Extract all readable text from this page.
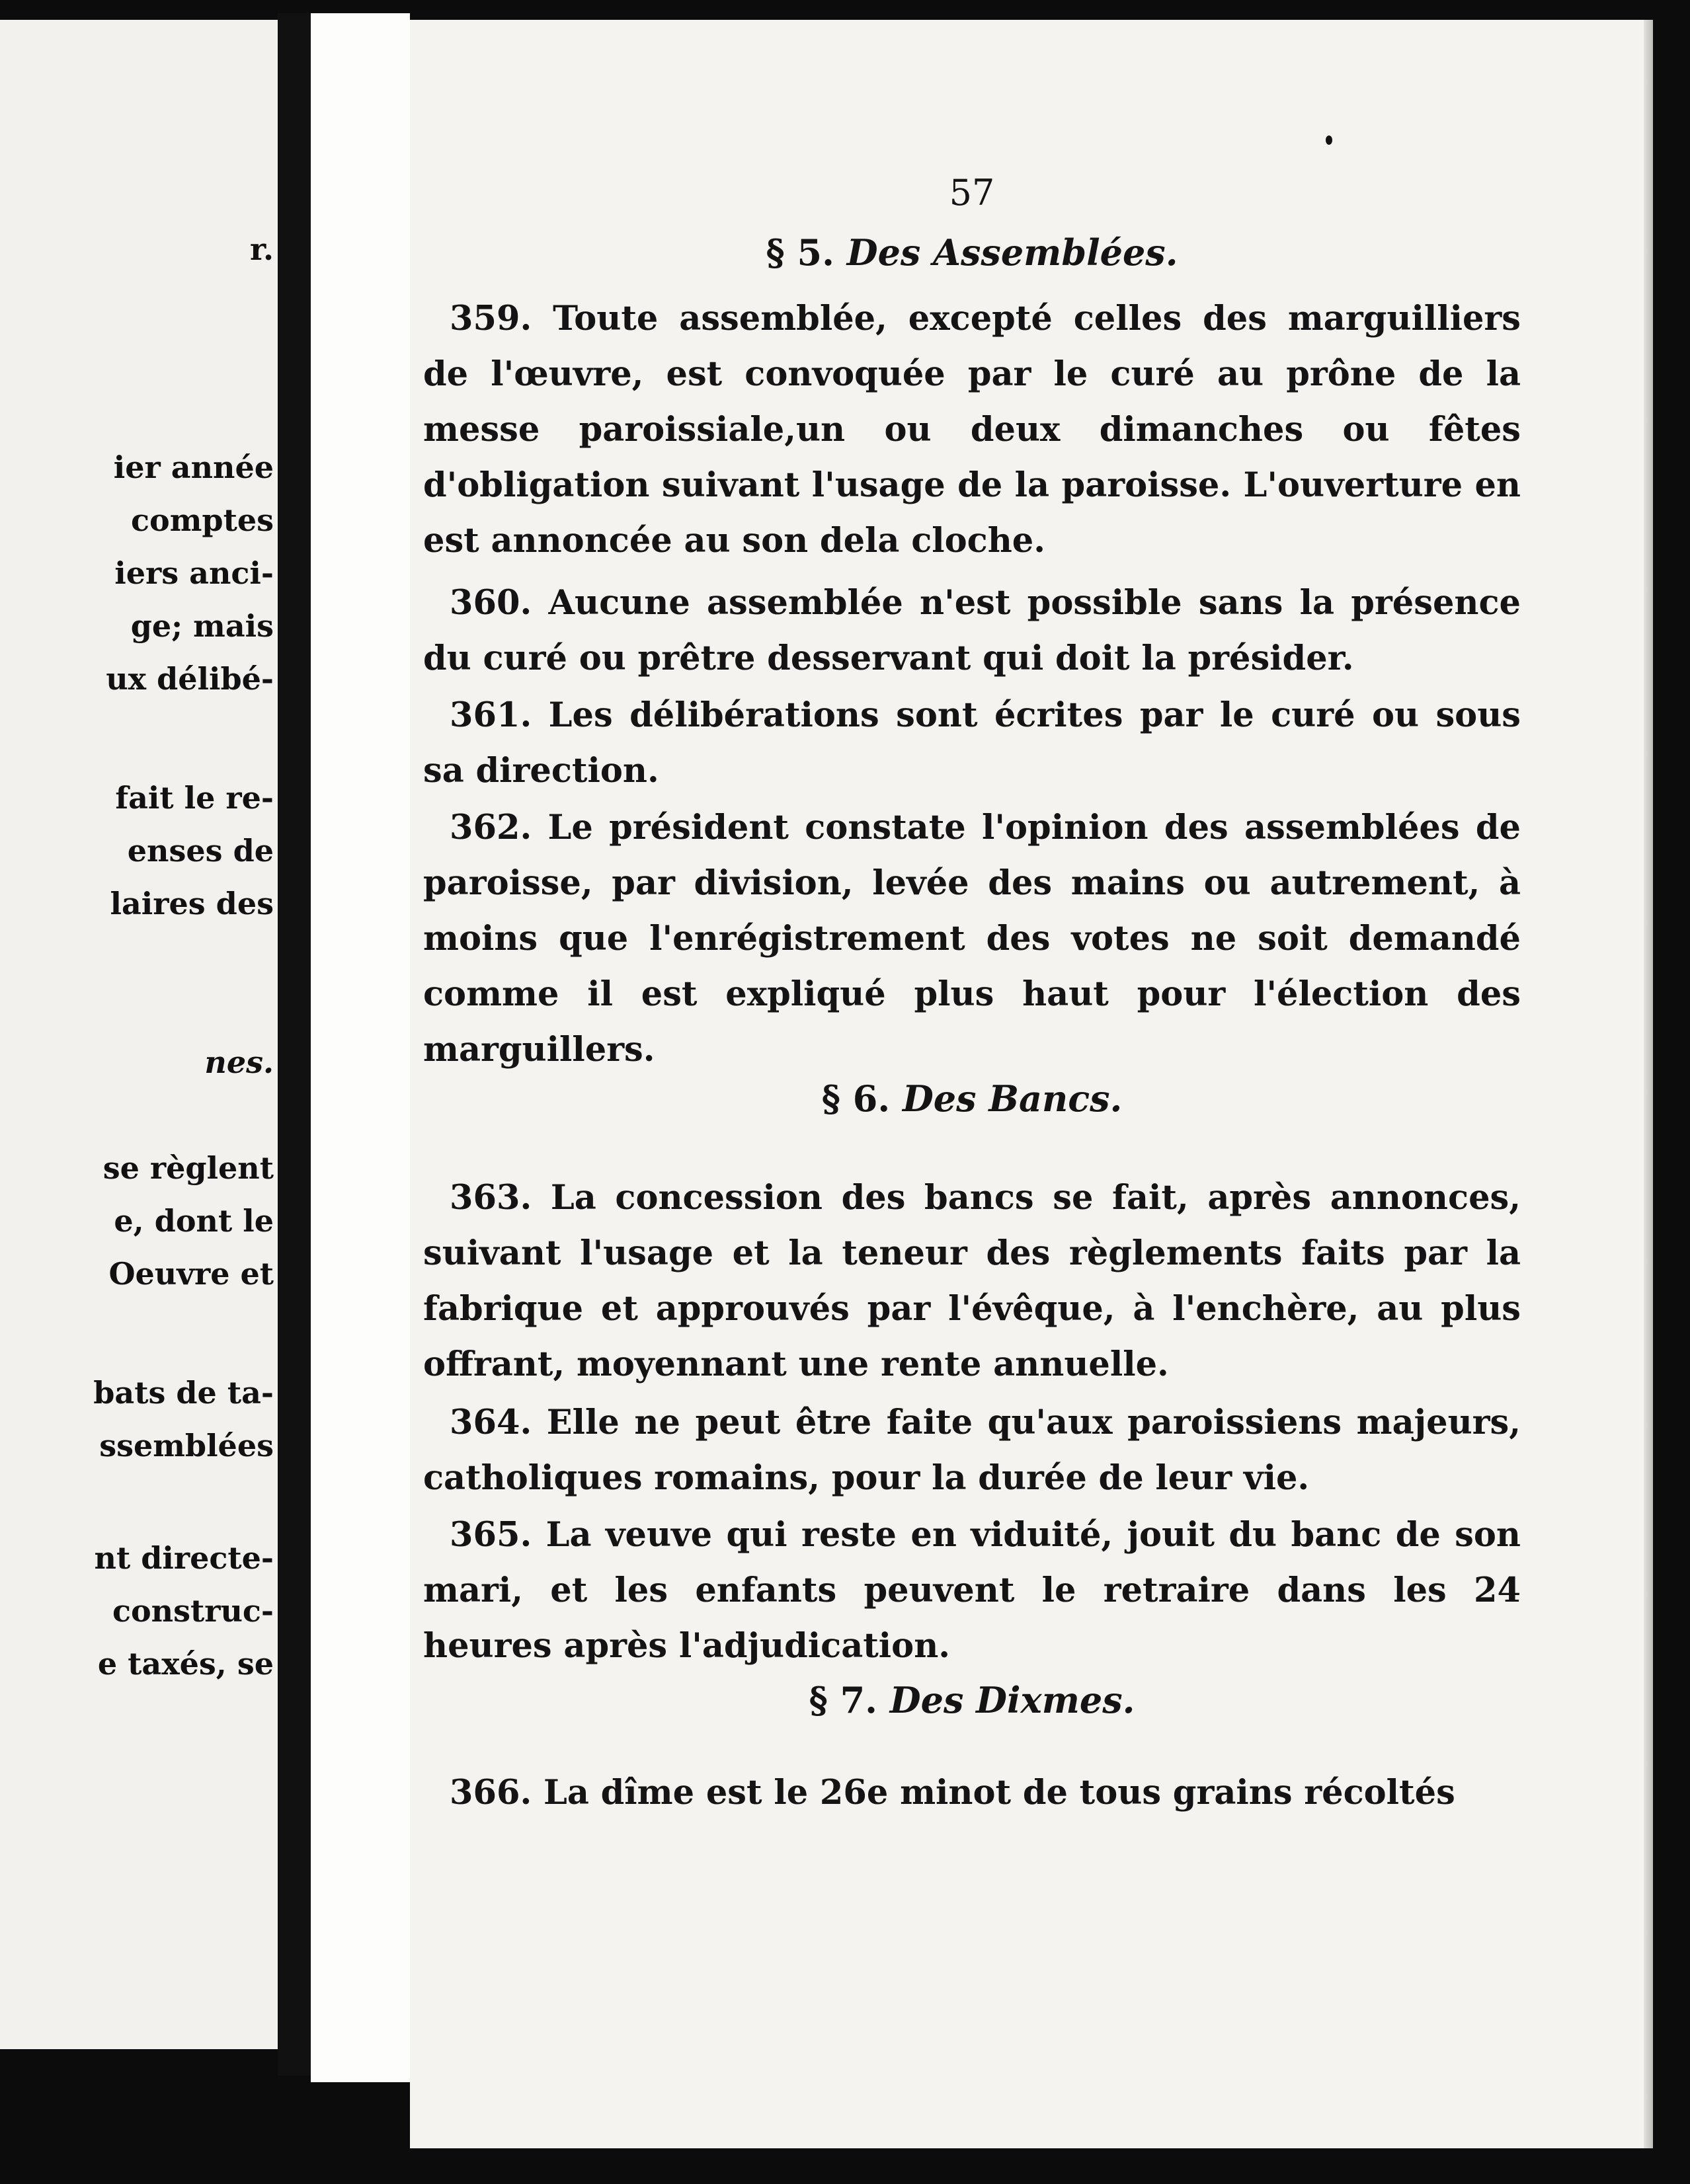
r.
ier année
comptes
iers anci-
ge; mais
ux délibé-
fait le re-
enses de
laires des
nes.
se règlent
e, dont le
Oeuvre et
bats de ta-
ssemblées
nt directe-
construc-
e taxés, se
57
§ 5. Des Assemblées.
359. Toute assemblée, excepté celles des marguilliers de l'œuvre, est convoquée par le curé au prône de la messe paroissiale,un ou deux dimanches ou fêtes d'obligation suivant l'usage de la paroisse. L'ouverture en est annoncée au son dela cloche.
360. Aucune assemblée n'est possible sans la présence du curé ou prêtre desservant qui doit la présider.
361. Les délibérations sont écrites par le curé ou sous sa direction.
362. Le président constate l'opinion des assemblées de paroisse, par division, levée des mains ou autrement, à moins que l'enrégistrement des votes ne soit demandé comme il est expliqué plus haut pour l'élection des marguillers.
§ 6. Des Bancs.
363. La concession des bancs se fait, après annonces, suivant l'usage et la teneur des règlements faits par la fabrique et approuvés par l'évêque, à l'enchère, au plus offrant, moyennant une rente annuelle.
364. Elle ne peut être faite qu'aux paroissiens majeurs, catholiques romains, pour la durée de leur vie.
365. La veuve qui reste en viduité, jouit du banc de son mari, et les enfants peuvent le retraire dans les 24 heures après l'adjudication.
§ 7. Des Dixmes.
366. La dîme est le 26e minot de tous grains récoltés
